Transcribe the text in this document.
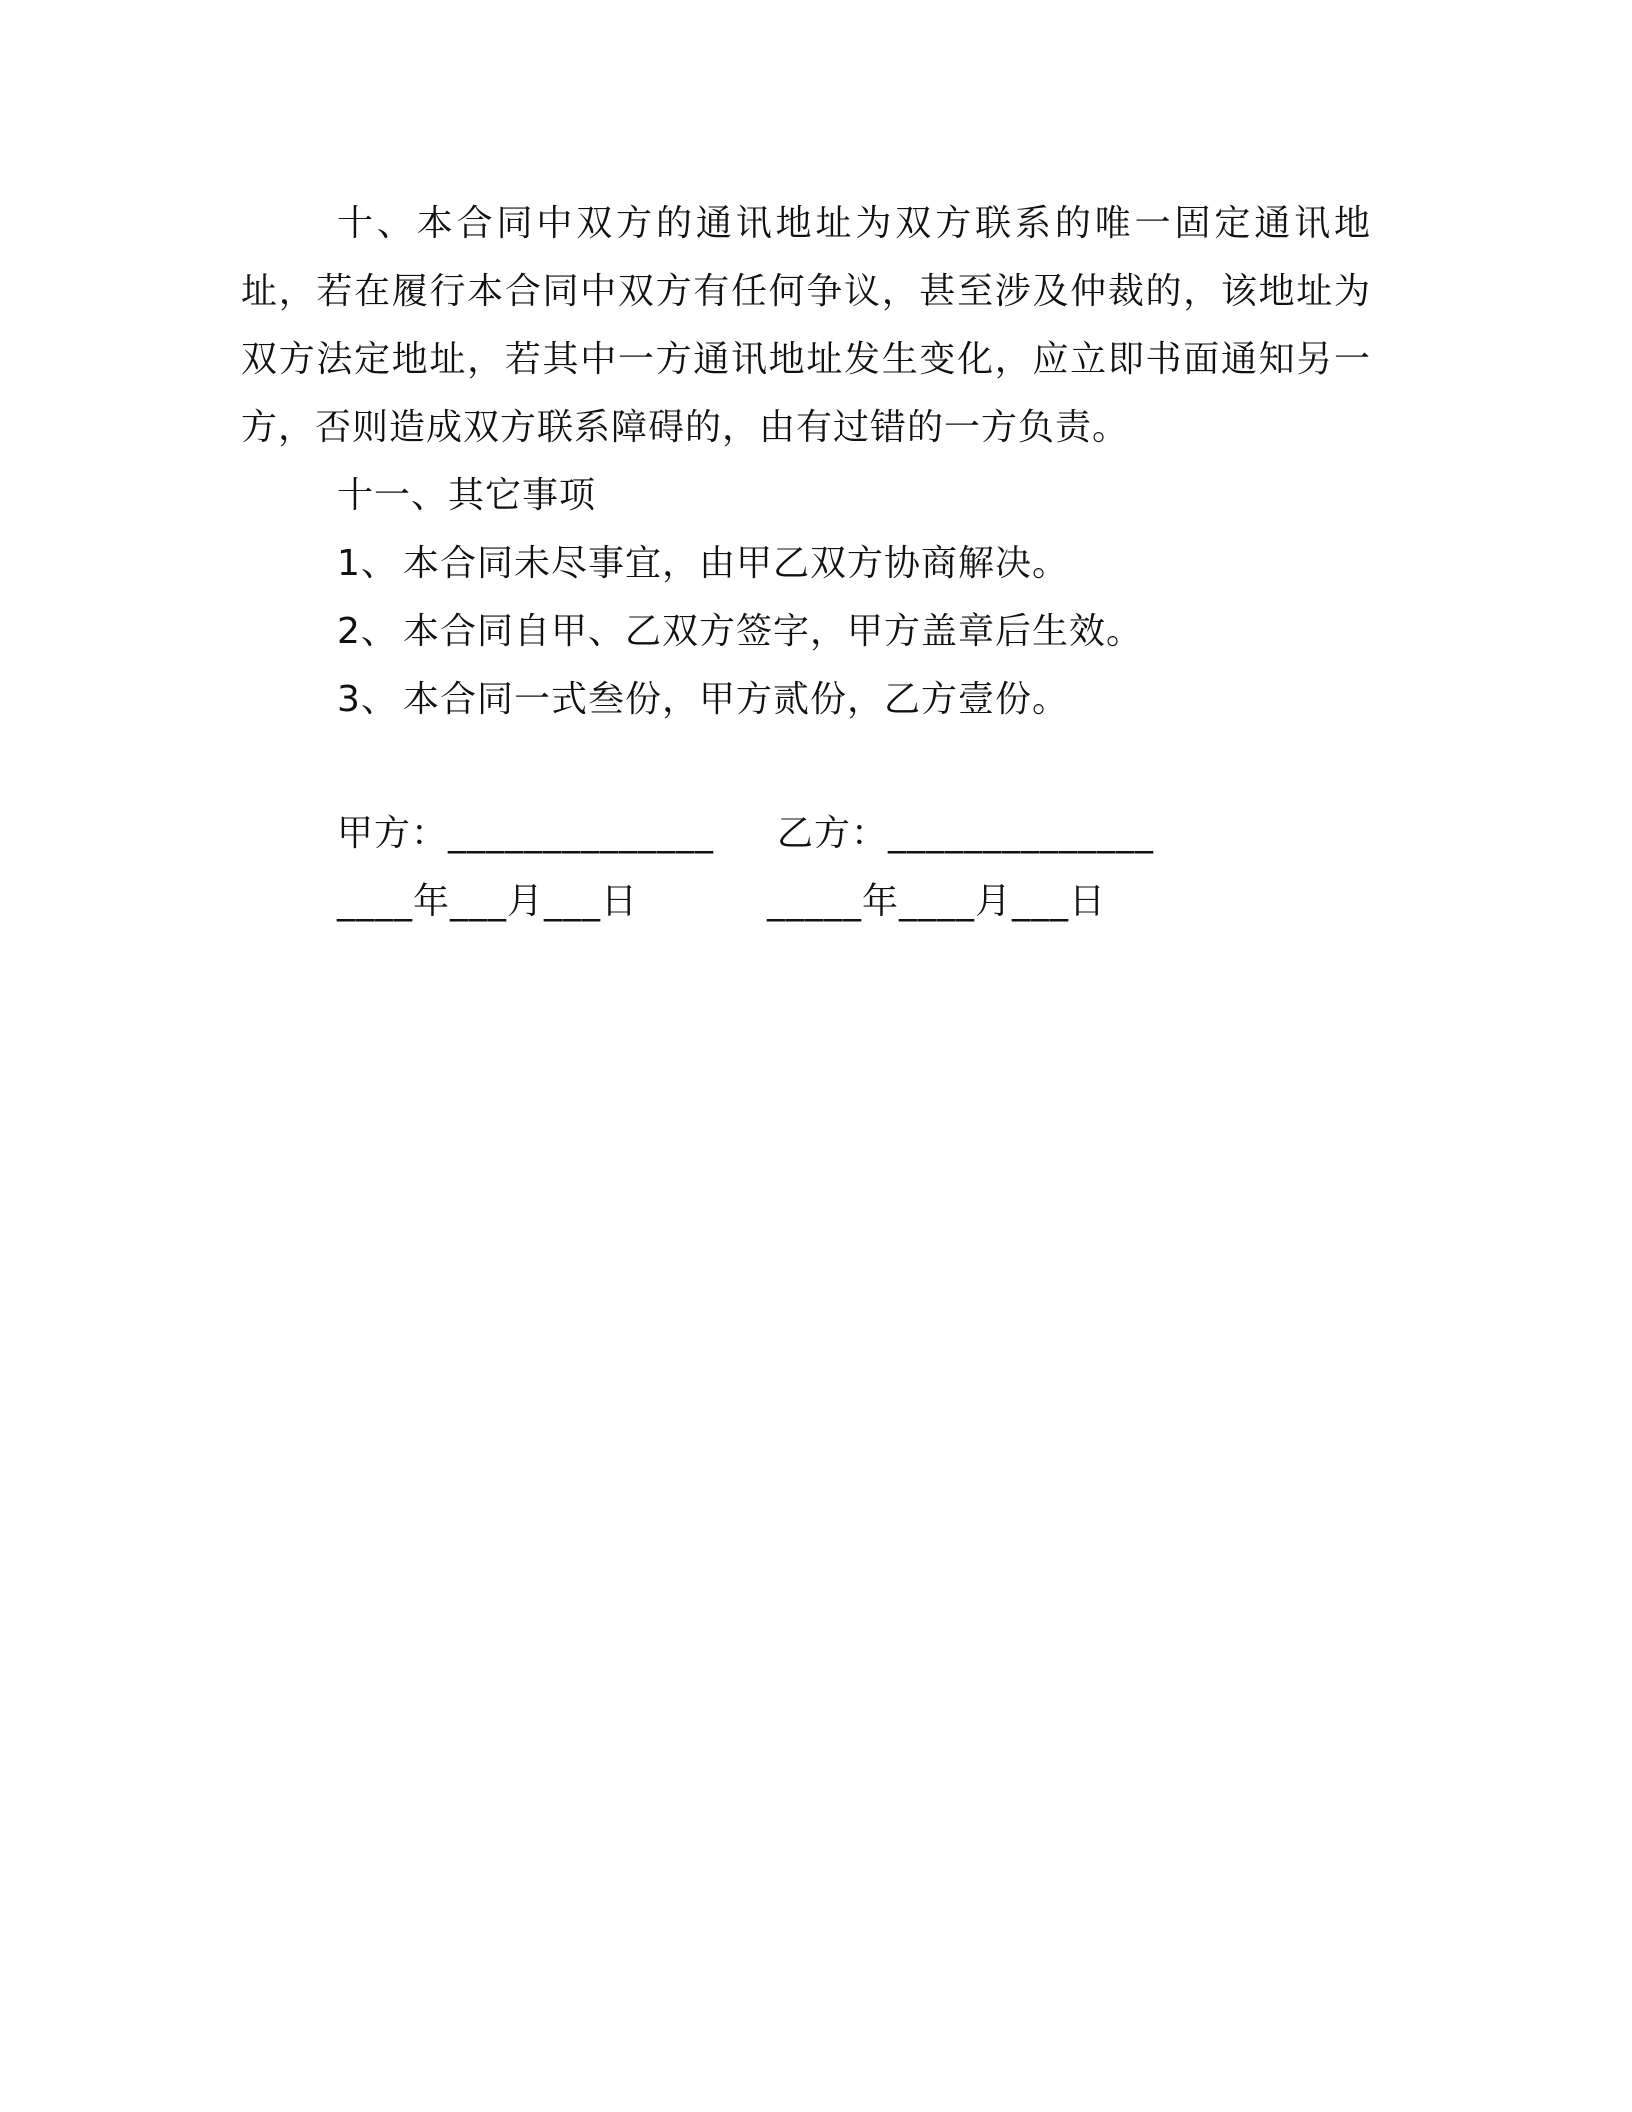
十、本合同中双方的通讯地址为双方联系的唯一固定通讯地址，若在履行本合同中双方有任何争议，甚至涉及仲裁的，该地址为双方法定地址，若其中一方通讯地址发生变化，应立即书面通知另一方，否则造成双方联系障碍的，由有过错的一方负责。

十一、其它事项

1、 本合同未尽事宜，由甲乙双方协商解决。

2、 本合同自甲、乙双方签字，甲方盖章后生效。

3、 本合同一式叁份，甲方贰份，乙方壹份。

甲方：______________ 乙方：______________
____年___月___日	_____年____月___日
